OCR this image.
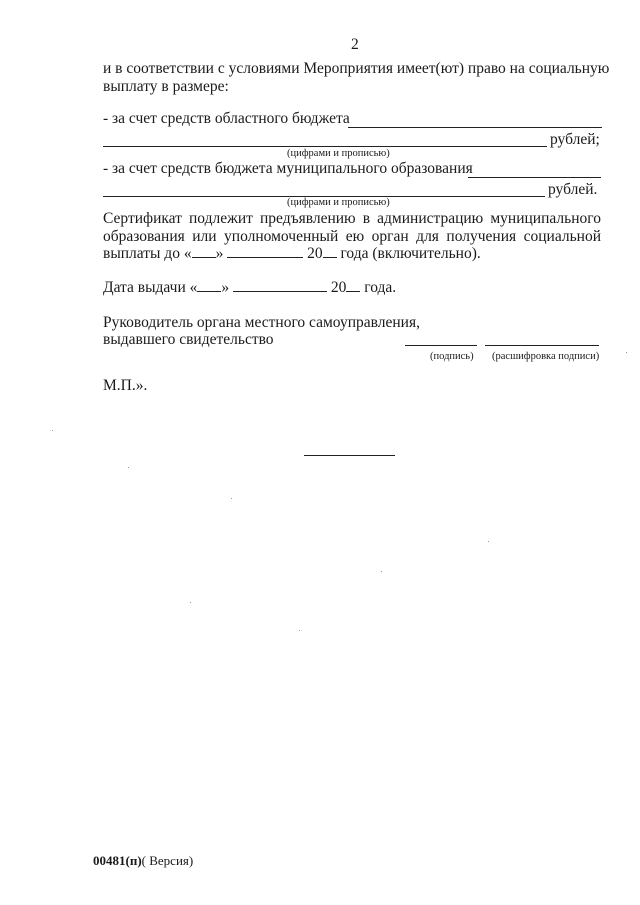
2
и в соответствии с условиями Мероприятия имеет(ют) право на социальную
выплату в размере:
- за счет средств областного бюджета
рублей;
(цифрами и прописью)
- за счет средств бюджета муниципального образования
рублей.
(цифрами и прописью)
Сертификат подлежит предъявлению в администрацию муниципального
образования или уполномоченный ею орган для получения социальной
выплаты до « »	20 года (включительно).
Дата выдачи « »	20 года.
Руководитель органа местного самоуправления,
выдавшего свидетельство
(подпись) (расшифровка подписи)
М.П.».
00481(п)( Версия)
